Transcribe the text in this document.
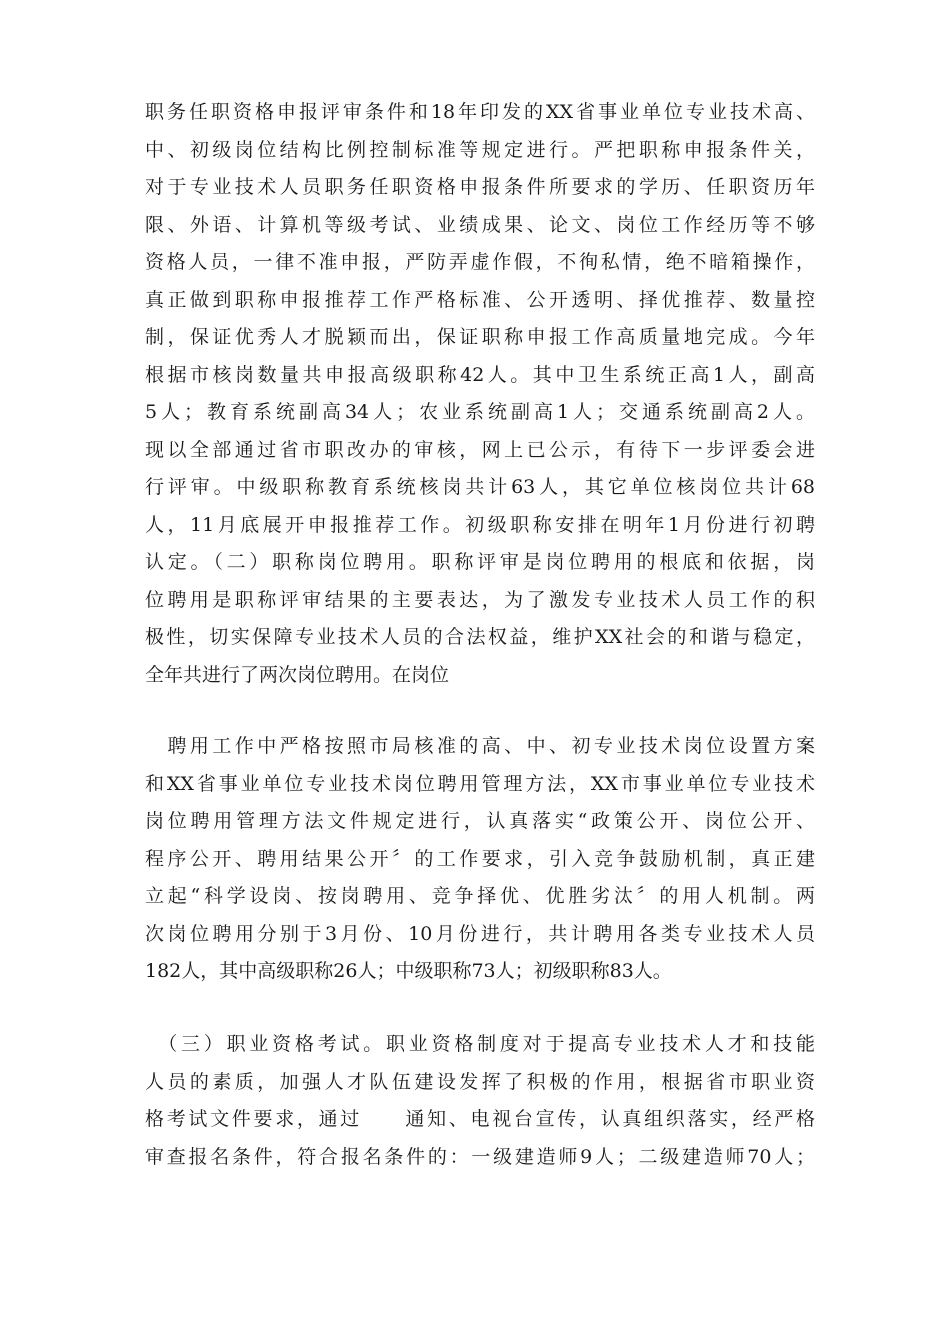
职务任职资格申报评审条件和18年印发的XX省事业单位专业技术高、
中、初级岗位结构比例控制标准等规定进行。严把职称申报条件关，
对于专业技术人员职务任职资格申报条件所要求的学历、任职资历年
限、外语、计算机等级考试、业绩成果、论文、岗位工作经历等不够
资格人员，一律不准申报，严防弄虚作假，不徇私情，绝不暗箱操作，
真正做到职称申报推荐工作严格标准、公开透明、择优推荐、数量控
制，保证优秀人才脱颖而出，保证职称申报工作高质量地完成。今年
根据市核岗数量共申报高级职称42人。其中卫生系统正高1人，副高
5人；教育系统副高34人；农业系统副高1人；交通系统副高2人。
现以全部通过省市职改办的审核，网上已公示，有待下一步评委会进
行评审。中级职称教育系统核岗共计63人，其它单位核岗位共计68
人，11月底展开申报推荐工作。初级职称安排在明年1月份进行初聘
认定。（二）职称岗位聘用。职称评审是岗位聘用的根底和依据，岗
位聘用是职称评审结果的主要表达，为了激发专业技术人员工作的积
极性，切实保障专业技术人员的合法权益，维护XX社会的和谐与稳定，
全年共进行了两次岗位聘用。在岗位
　聘用工作中严格按照市局核准的高、中、初专业技术岗位设置方案
和XX省事业单位专业技术岗位聘用管理方法，XX市事业单位专业技术
岗位聘用管理方法文件规定进行，认真落实“政策公开、岗位公开、
程序公开、聘用结果公开〞的工作要求，引入竞争鼓励机制，真正建
立起“科学设岗、按岗聘用、竞争择优、优胜劣汰〞的用人机制。两
次岗位聘用分别于3月份、10月份进行，共计聘用各类专业技术人员
182人，其中高级职称26人；中级职称73人；初级职称83人。
　（三）职业资格考试。职业资格制度对于提高专业技术人才和技能
人员的素质，加强人才队伍建设发挥了积极的作用，根据省市职业资
格考试文件要求，通过　　通知、电视台宣传，认真组织落实，经严格
审查报名条件，符合报名条件的：一级建造师9人；二级建造师70人；
